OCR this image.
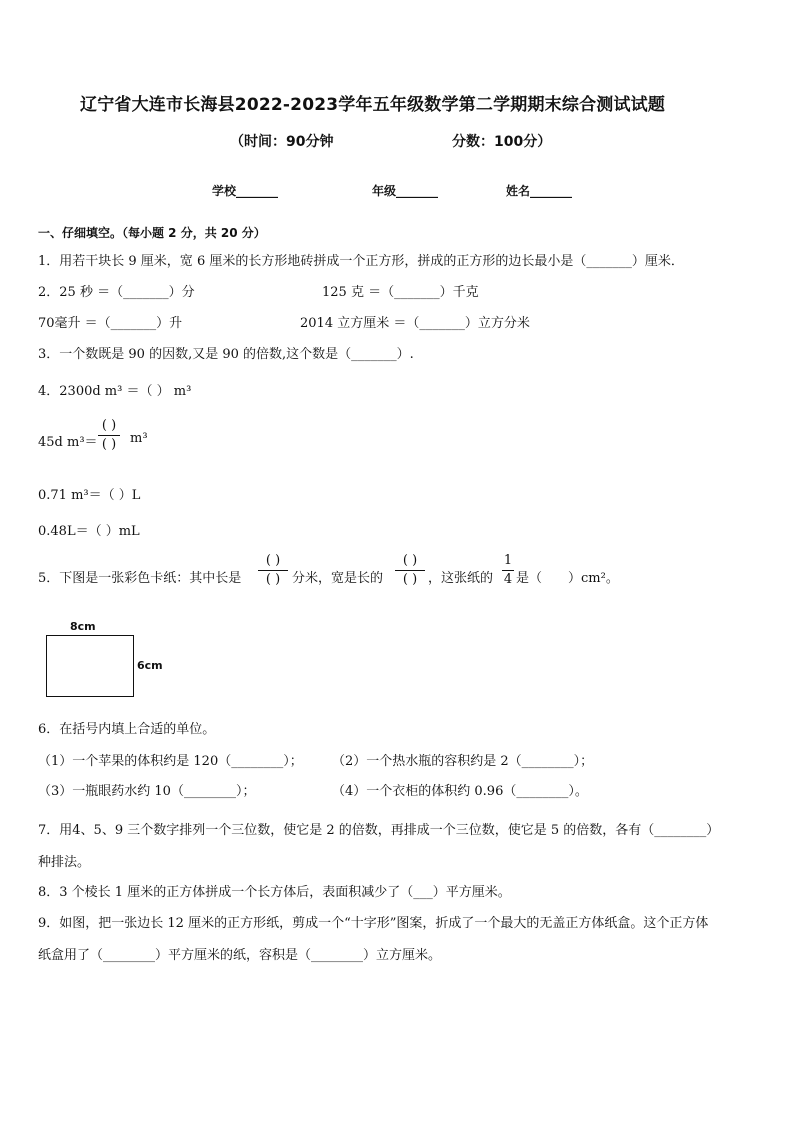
辽宁省大连市长海县2022-2023学年五年级数学第二学期期末综合测试试题
（时间：90分钟	分数：100分）
学校_______	年级_______	姓名_______
一、仔细填空。（每小题 2 分，共 20 分）
1．用若干块长 9 厘米，宽 6 厘米的长方形地砖拼成一个正方形，拼成的正方形的边长最小是（_______）厘米．
2．25 秒 ＝（_______）分	125 克 ＝（_______）千克
70毫升 ＝（_______）升	2014 立方厘米 ＝（_______）立方分米
3．一个数既是 90 的因数,又是 90 的倍数,这个数是（_______）.
4．2300d m³ ＝（ ） m³
45d m³＝
( )
( ) m³
0.71 m³＝（ ）L
0.48L＝（ ）mL
5．下图是一张彩色卡纸：其中长是
( )
( ) 分米，宽是长的
( )
( ) ，这张纸的
1
4 是（　　）cm²。
8cm
6cm
6．在括号内填上合适的单位。
（1）一个苹果的体积约是 120（________）； （2）一个热水瓶的容积约是 2（________）；
（3）一瓶眼药水约 10（________）；	（4）一个衣柜的体积约 0.96（________）。
7．用4、5、9 三个数字排列一个三位数，使它是 2 的倍数，再排成一个三位数，使它是 5 的倍数，各有（________）
种排法。
8．3 个棱长 1 厘米的正方体拼成一个长方体后，表面积减少了（___）平方厘米。
9．如图，把一张边长 12 厘米的正方形纸，剪成一个“十字形”图案，折成了一个最大的无盖正方体纸盒。这个正方体
纸盒用了（________）平方厘米的纸，容积是（________）立方厘米。
